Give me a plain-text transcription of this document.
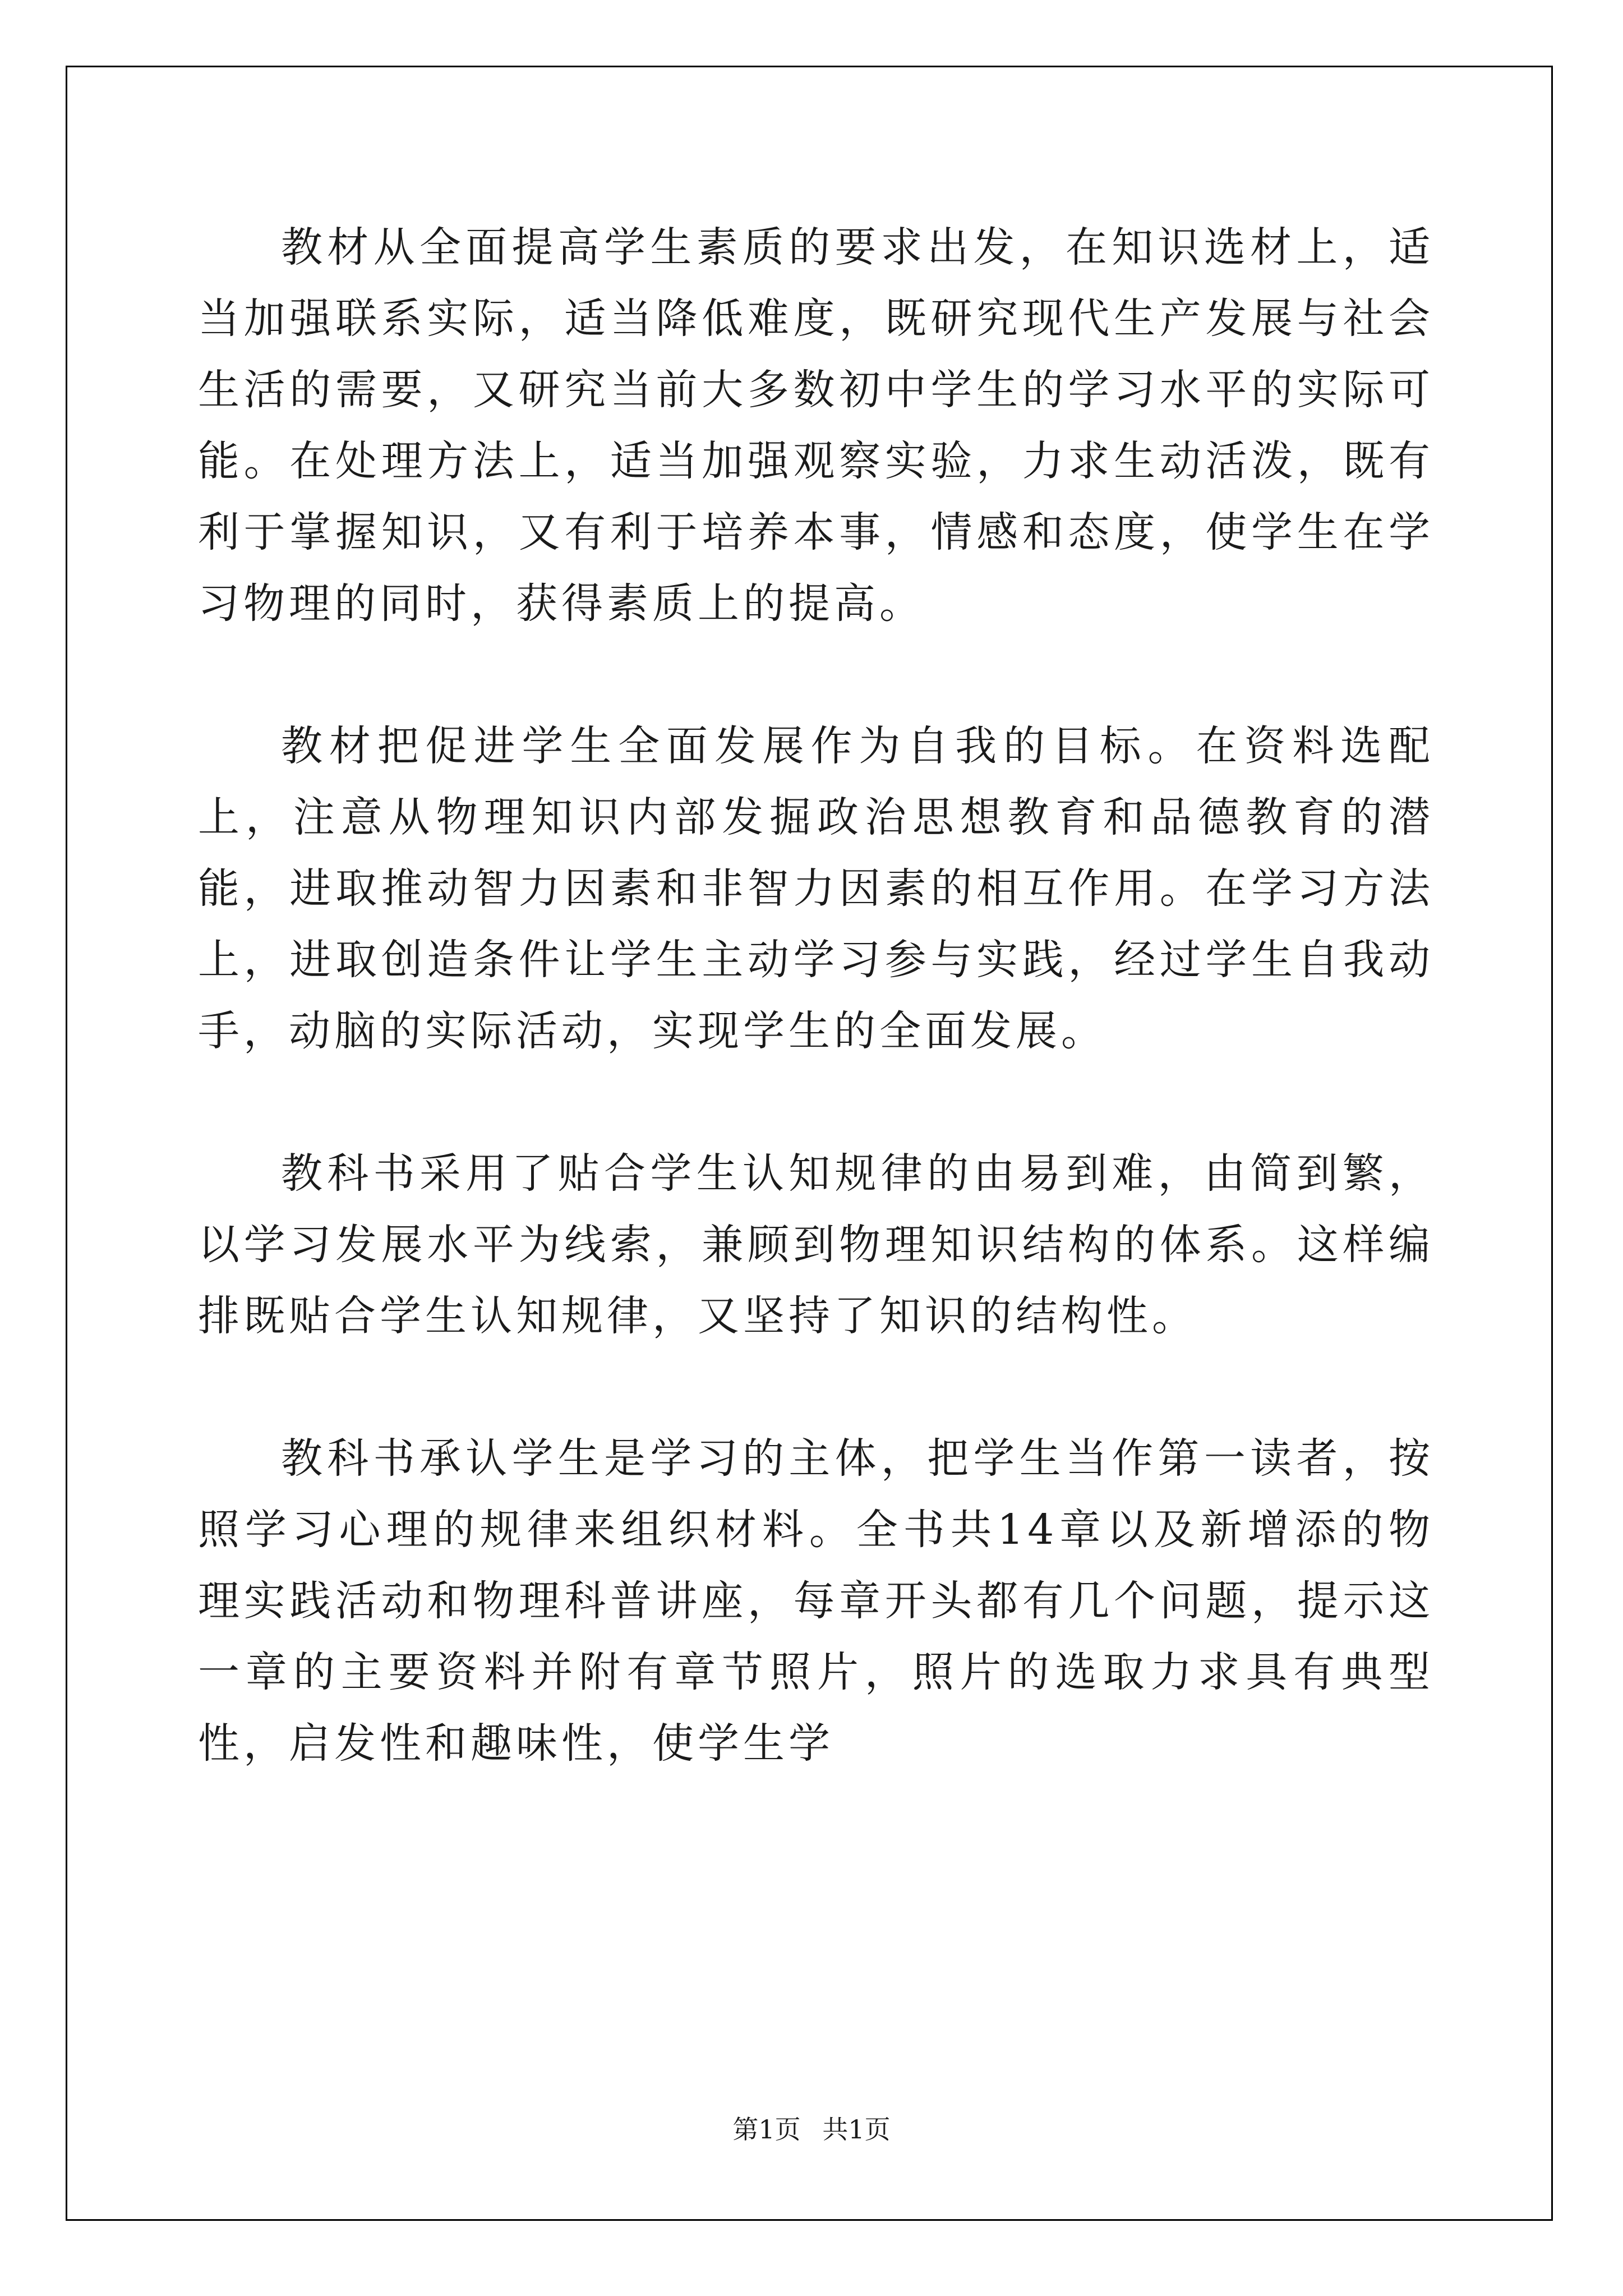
教材从全面提高学生素质的要求出发，在知识选材上，适当加强联系实际，适当降低难度，既研究现代生产发展与社会生活的需要，又研究当前大多数初中学生的学习水平的实际可能。在处理方法上，适当加强观察实验，力求生动活泼，既有利于掌握知识，又有利于培养本事，情感和态度，使学生在学习物理的同时，获得素质上的提高。

教材把促进学生全面发展作为自我的目标。在资料选配上，注意从物理知识内部发掘政治思想教育和品德教育的潜能，进取推动智力因素和非智力因素的相互作用。在学习方法上，进取创造条件让学生主动学习参与实践，经过学生自我动手，动脑的实际活动，实现学生的全面发展。

教科书采用了贴合学生认知规律的由易到难，由简到繁，以学习发展水平为线索，兼顾到物理知识结构的体系。这样编排既贴合学生认知规律，又坚持了知识的结构性。

教科书承认学生是学习的主体，把学生当作第一读者，按照学习心理的规律来组织材料。全书共14章以及新增添的物理实践活动和物理科普讲座，每章开头都有几个问题，提示这一章的主要资料并附有章节照片，照片的选取力求具有典型性，启发性和趣味性，使学生学

第1页 共1页
